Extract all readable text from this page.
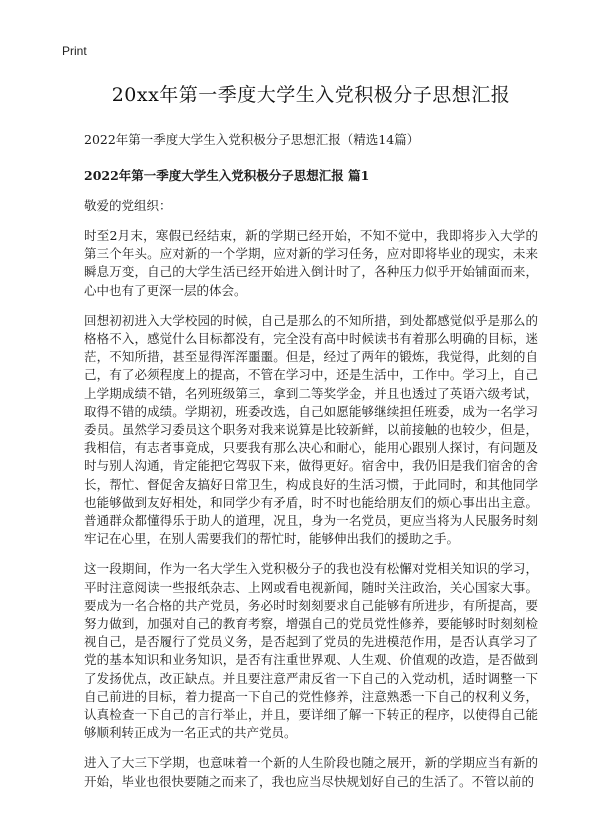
Print
20xx年第一季度大学生入党积极分子思想汇报
2022年第一季度大学生入党积极分子思想汇报（精选14篇）
2022年第一季度大学生入党积极分子思想汇报 篇1
敬爱的党组织：

时至2月末，寒假已经结束，新的学期已经开始，不知不觉中，我即将步入大学的第三个年头。应对新的一个学期，应对新的学习任务，应对即将毕业的现实，未来瞬息万变，自己的大学生活已经开始进入倒计时了，各种压力似乎开始铺面而来，心中也有了更深一层的体会。

回想初初进入大学校园的时候，自己是那么的不知所措，到处都感觉似乎是那么的格格不入，感觉什么目标都没有，完全没有高中时候读书有着那么明确的目标，迷茫，不知所措，甚至显得浑浑噩噩。但是，经过了两年的锻炼，我觉得，此刻的自己，有了必须程度上的提高，不管在学习中，还是生活中，工作中。学习上，自己上学期成绩不错，名列班级第三，拿到二等奖学金，并且也透过了英语六级考试，取得不错的成绩。学期初，班委改选，自己如愿能够继续担任班委，成为一名学习委员。虽然学习委员这个职务对我来说算是比较新鲜，以前接触的也较少，但是，我相信，有志者事竟成，只要我有那么决心和耐心，能用心跟别人探讨，有问题及时与别人沟通，肯定能把它驾驭下来，做得更好。宿舍中，我仍旧是我们宿舍的舍长，帮忙、督促舍友搞好日常卫生，构成良好的生活习惯，于此同时，和其他同学也能够做到友好相处，和同学少有矛盾，时不时也能给朋友们的烦心事出出主意。普通群众都懂得乐于助人的道理，况且，身为一名党员，更应当将为人民服务时刻牢记在心里，在别人需要我们的帮忙时，能够伸出我们的援助之手。

这一段期间，作为一名大学生入党积极分子的我也没有松懈对党相关知识的学习，平时注意阅读一些报纸杂志、上网或看电视新闻，随时关注政治，关心国家大事。要成为一名合格的共产党员，务必时时刻刻要求自己能够有所进步，有所提高，要努力做到，加强对自己的教育考察，增强自己的党员党性修养，要能够时时刻刻检视自己，是否履行了党员义务，是否起到了党员的先进模范作用，是否认真学习了党的基本知识和业务知识，是否有注重世界观、人生观、价值观的改造，是否做到了发扬优点，改正缺点。并且要注意严肃反省一下自己的入党动机，适时调整一下自己前进的目标，着力提高一下自己的党性修养，注意熟悉一下自己的权利义务，认真检查一下自己的言行举止，并且，要详细了解一下转正的程序，以使得自己能够顺利转正成为一名正式的共产党员。

进入了大三下学期，也意味着一个新的人生阶段也随之展开，新的学期应当有新的开始，毕业也很快要随之而来了，我也应当尽快规划好自己的生活了。不管以前的
